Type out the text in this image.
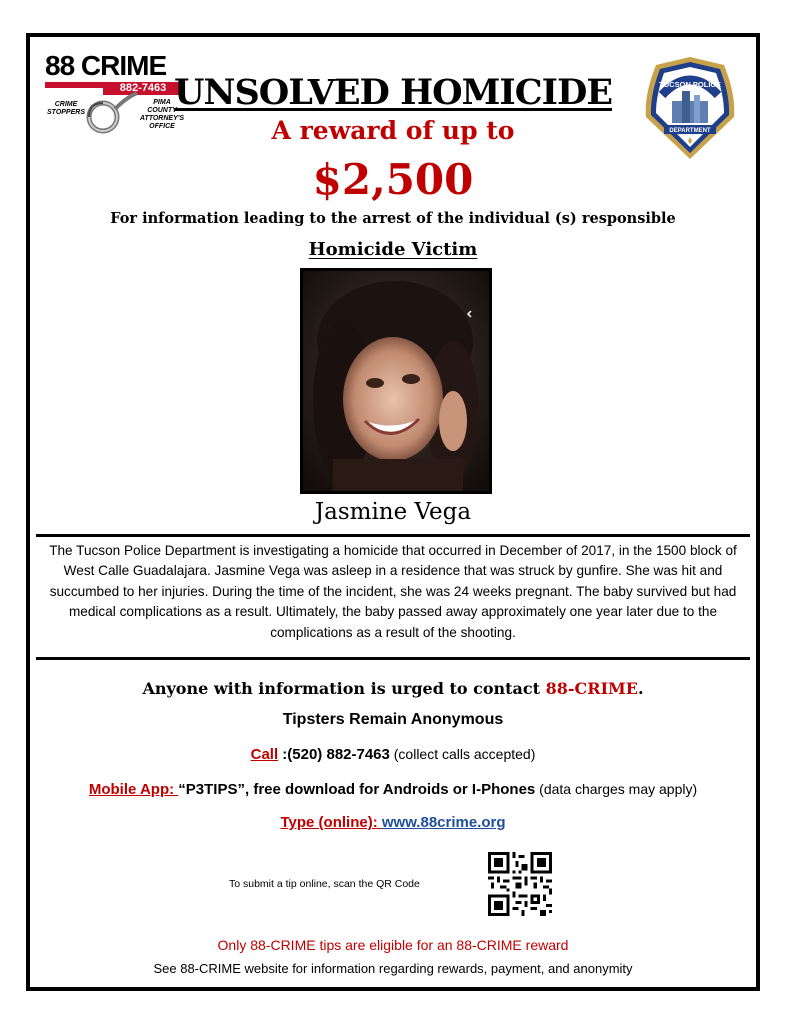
88 CRIME
882-7463
CRIME STOPPERS
PIMA COUNTY ATTORNEY'S OFFICE
TUCSON POLICE
DEPARTMENT
UNSOLVED HOMICIDE
A reward of up to
$2,500
For information leading to the arrest of the individual (s) responsible
Homicide Victim
Jasmine Vega
The Tucson Police Department is investigating a homicide that occurred in December of 2017, in the 1500 block of West Calle Guadalajara. Jasmine Vega was asleep in a residence that was struck by gunfire. She was hit and succumbed to her injuries. During the time of the incident, she was 24 weeks pregnant. The baby survived but had medical complications as a result. Ultimately, the baby passed away approximately one year later due to the complications as a result of the shooting.
Anyone with information is urged to contact 88-CRIME.
Tipsters Remain Anonymous
Call :(520) 882-7463 (collect calls accepted)
Mobile App: “P3TIPS”, free download for Androids or I-Phones (data charges may apply)
Type (online): www.88crime.org
To submit a tip online, scan the QR Code
Only 88-CRIME tips are eligible for an 88-CRIME reward
See 88-CRIME website for information regarding rewards, payment, and anonymity
